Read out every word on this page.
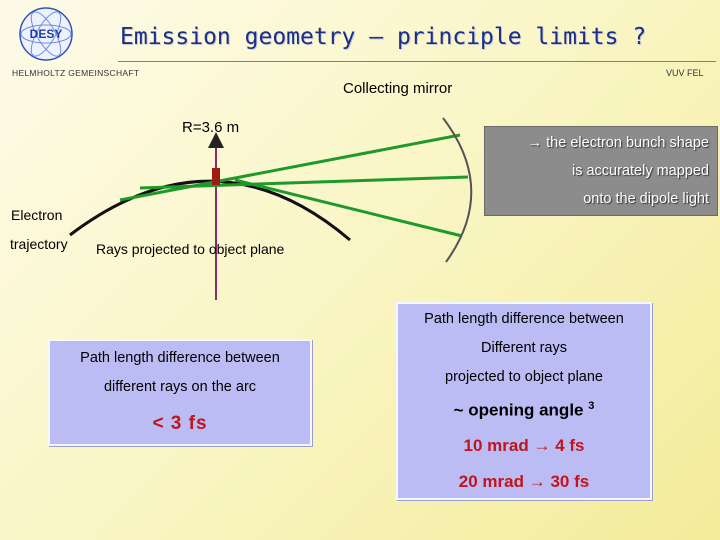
DESY	Emission geometry – principle limits ?
HELMHOLTZ GEMEINSCHAFT	VUV FEL
Collecting mirror
R=3.6 m
Electron
trajectory Rays projected to object plane
→ the electron bunch shape
is accurately mapped
onto the dipole light
Path length difference between
different rays on the arc
< 3 fs
Path length difference between
Different rays
projected to object plane
~ opening angle $^3$
10 mrad → 4 fs
20 mrad → 30 fs
